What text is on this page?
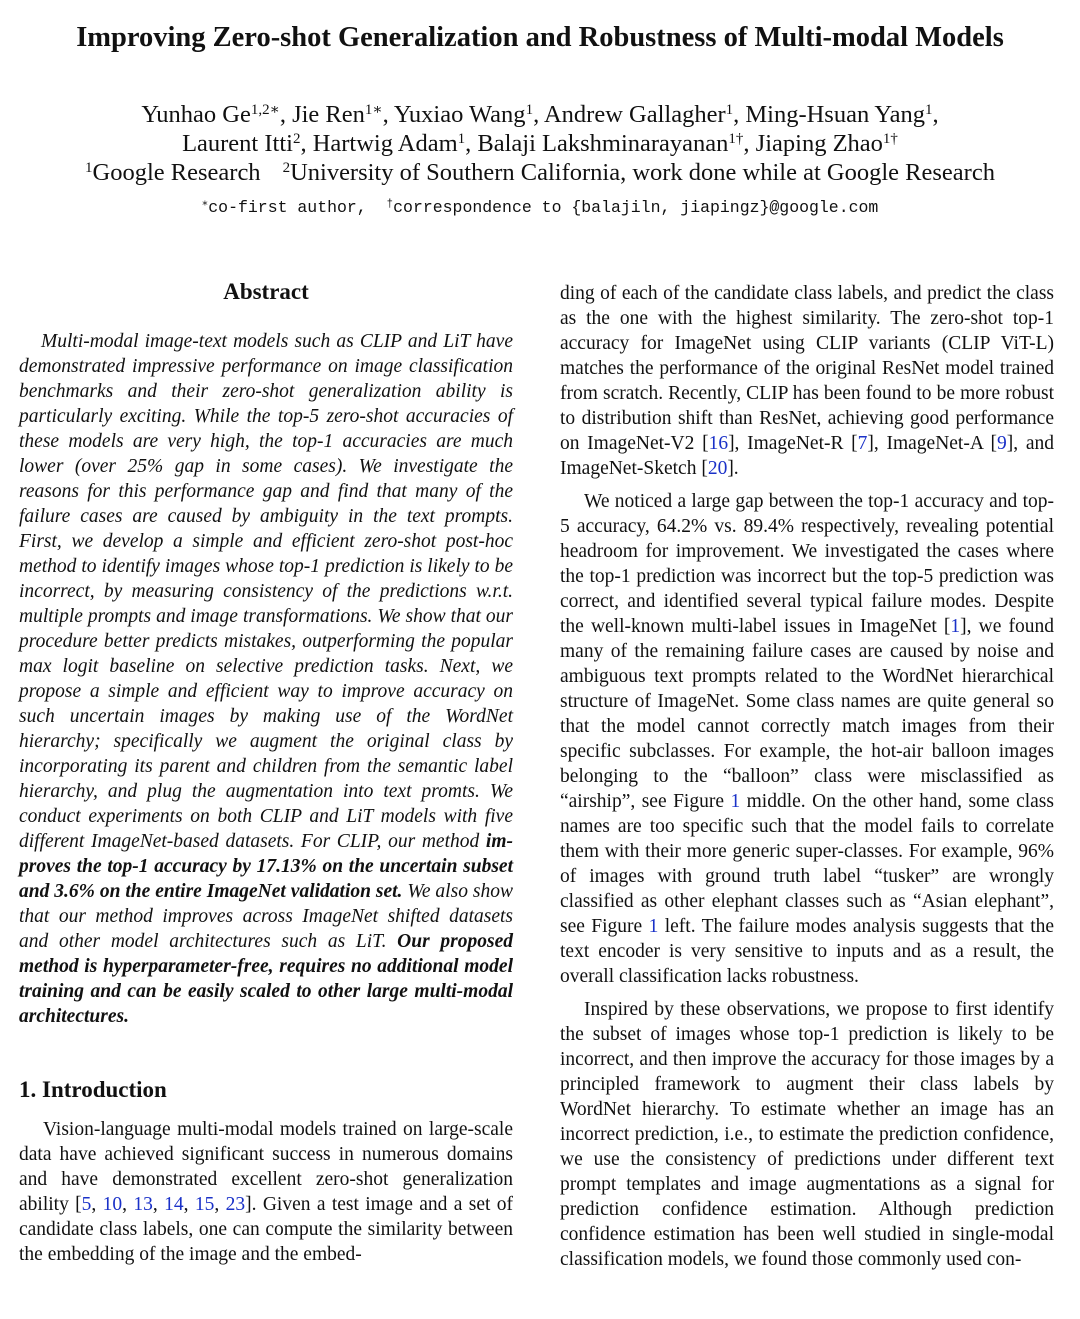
Improving Zero-shot Generalization and Robustness of Multi-modal Models
Yunhao $Ge^{1,2∗}$, Jie Ren$^{1∗}$, Yuxiao Wang$^1$, Andrew Gallagher$^1$, Ming-Hsuan Yang$^1$,
Laurent Itti$^2$, Hartwig Adam$^1$, Balaji Lakshminarayanan$^{1\dagger}$, Jiaping Zhao$^{1\dagger}$
$^1$Google Research $^2$University of Southern California, work done while at Google Research
∗co-first author, †correspondence to {balajiln, jiapingz}@google.com
Abstract

Multi-modal image-text models such as CLIP and LiT have demonstrated impressive performance on image classification benchmarks and their zero-shot generalization ability is particularly exciting. While the top-5 zero-shot accuracies of these models are very high, the top-1 accuracies are much lower (over 25% gap in some cases). We investigate the reasons for this performance gap and find that many of the failure cases are caused by ambiguity in the text prompts. First, we develop a simple and efficient zero-shot post-hoc method to identify images whose top-1 prediction is likely to be incorrect, by measuring consistency of the predictions w.r.t. multiple prompts and image transformations. We show that our procedure better predicts mistakes, outperforming the popular max logit baseline on selective prediction tasks. Next, we propose a simple and efficient way to improve accuracy on such uncertain images by making use of the WordNet hierarchy; specifically we augment the original class by incorporating its parent and children from the semantic label hierarchy, and plug the augmentation into text promts. We conduct experiments on both CLIP and LiT models with five different ImageNet-based datasets. For CLIP, our method improves the top-1 accuracy by 17.13% on the uncertain subset and 3.6% on the entire ImageNet validation set. We also show that our method improves across ImageNet shifted datasets and other model architectures such as LiT. Our proposed method is hyperparameter-free, requires no additional model training and can be easily scaled to other large multi-modal architectures.

1. Introduction

Vision-language multi-modal models trained on large-scale data have achieved significant success in numerous domains and have demonstrated excellent zero-shot generalization ability [5, 10, 13, 14, 15, 23]. Given a test image and a set of candidate class labels, one can compute the similarity between the embedding of the image and the embed-

ding of each of the candidate class labels, and predict the class as the one with the highest similarity. The zero-shot top-1 accuracy for ImageNet using CLIP variants (CLIP ViT-L) matches the performance of the original ResNet model trained from scratch. Recently, CLIP has been found to be more robust to distribution shift than ResNet, achieving good performance on ImageNet-V2 [16], ImageNet-R [7], ImageNet-A [9], and ImageNet-Sketch [20].

We noticed a large gap between the top-1 accuracy and top-5 accuracy, 64.2% vs. 89.4% respectively, revealing potential headroom for improvement. We investigated the cases where the top-1 prediction was incorrect but the top-5 prediction was correct, and identified several typical failure modes. Despite the well-known multi-label issues in ImageNet [1], we found many of the remaining failure cases are caused by noise and ambiguous text prompts related to the WordNet hierarchical structure of ImageNet. Some class names are quite general so that the model cannot correctly match images from their specific subclasses. For example, the hot-air balloon images belonging to the “balloon” class were misclassified as “airship”, see Figure 1 middle. On the other hand, some class names are too specific such that the model fails to correlate them with their more generic super-classes. For example, 96% of images with ground truth label “tusker” are wrongly classified as other elephant classes such as “Asian elephant”, see Figure 1 left. The failure modes analysis suggests that the text encoder is very sensitive to inputs and as a result, the overall classification lacks robustness.

Inspired by these observations, we propose to first identify the subset of images whose top-1 prediction is likely to be incorrect, and then improve the accuracy for those images by a principled framework to augment their class labels by WordNet hierarchy. To estimate whether an image has an incorrect prediction, i.e., to estimate the prediction confidence, we use the consistency of predictions under different text prompt templates and image augmentations as a signal for prediction confidence estimation. Although prediction confidence estimation has been well studied in single-modal classification models, we found those commonly used con-
